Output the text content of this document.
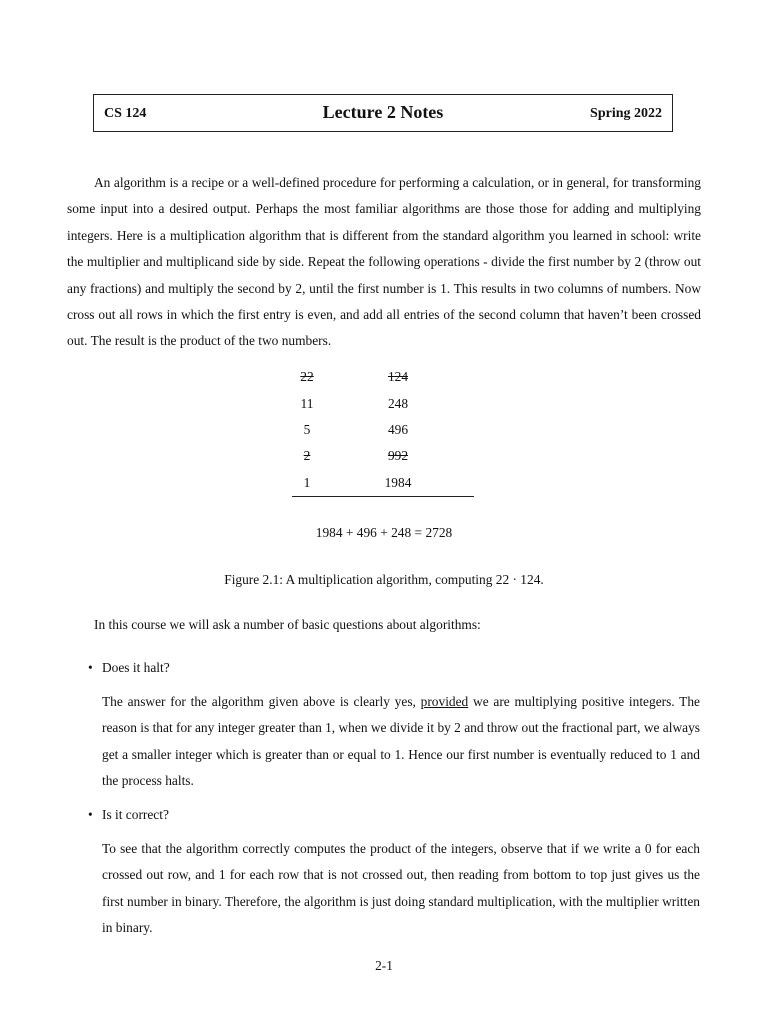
CS 124	Lecture 2 Notes	Spring 2022
An algorithm is a recipe or a well-defined procedure for performing a calculation, or in general, for transforming some input into a desired output. Perhaps the most familiar algorithms are those those for adding and multiplying integers. Here is a multiplication algorithm that is different from the standard algorithm you learned in school: write the multiplier and multiplicand side by side. Repeat the following operations - divide the first number by 2 (throw out any fractions) and multiply the second by 2, until the first number is 1. This results in two columns of numbers. Now cross out all rows in which the first entry is even, and add all entries of the second column that haven’t been crossed out. The result is the product of the two numbers.
22	124
11	248
5	496
2	992
1	1984
1984 + 496 + 248 = 2728
Figure 2.1: A multiplication algorithm, computing 22 · 124.
In this course we will ask a number of basic questions about algorithms:
• Does it halt?
The answer for the algorithm given above is clearly yes, provided we are multiplying positive integers. The reason is that for any integer greater than 1, when we divide it by 2 and throw out the fractional part, we always get a smaller integer which is greater than or equal to 1. Hence our first number is eventually reduced to 1 and the process halts.
• Is it correct?
To see that the algorithm correctly computes the product of the integers, observe that if we write a 0 for each crossed out row, and 1 for each row that is not crossed out, then reading from bottom to top just gives us the first number in binary. Therefore, the algorithm is just doing standard multiplication, with the multiplier written in binary.
2-1
